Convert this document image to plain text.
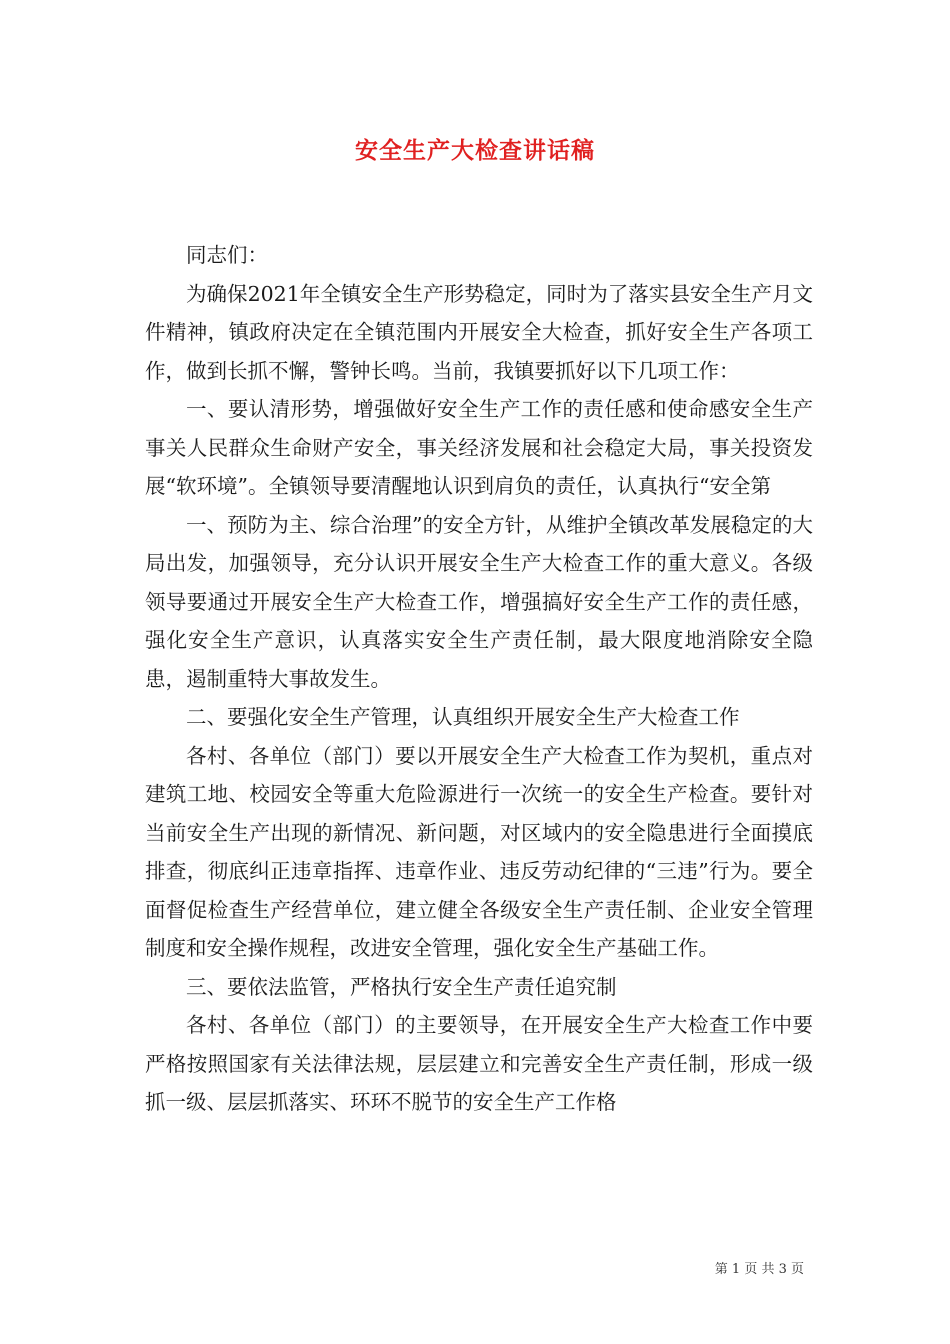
安全生产大检查讲话稿

同志们：

为确保2021年全镇安全生产形势稳定，同时为了落实县安全生产月文件精神，镇政府决定在全镇范围内开展安全大检查，抓好安全生产各项工作，做到长抓不懈，警钟长鸣。当前，我镇要抓好以下几项工作：

一、要认清形势，增强做好安全生产工作的责任感和使命感安全生产事关人民群众生命财产安全，事关经济发展和社会稳定大局，事关投资发展“软环境”。全镇领导要清醒地认识到肩负的责任，认真执行“安全第

一、预防为主、综合治理”的安全方针，从维护全镇改革发展稳定的大局出发，加强领导，充分认识开展安全生产大检查工作的重大意义。各级领导要通过开展安全生产大检查工作，增强搞好安全生产工作的责任感，强化安全生产意识，认真落实安全生产责任制，最大限度地消除安全隐患，遏制重特大事故发生。

二、要强化安全生产管理，认真组织开展安全生产大检查工作

各村、各单位（部门）要以开展安全生产大检查工作为契机，重点对建筑工地、校园安全等重大危险源进行一次统一的安全生产检查。要针对当前安全生产出现的新情况、新问题，对区域内的安全隐患进行全面摸底排查，彻底纠正违章指挥、违章作业、违反劳动纪律的“三违”行为。要全面督促检查生产经营单位，建立健全各级安全生产责任制、企业安全管理制度和安全操作规程，改进安全管理，强化安全生产基础工作。

三、要依法监管，严格执行安全生产责任追究制

各村、各单位（部门）的主要领导，在开展安全生产大检查工作中要严格按照国家有关法律法规，层层建立和完善安全生产责任制，形成一级抓一级、层层抓落实、环环不脱节的安全生产工作格

第 1 页 共 3 页
